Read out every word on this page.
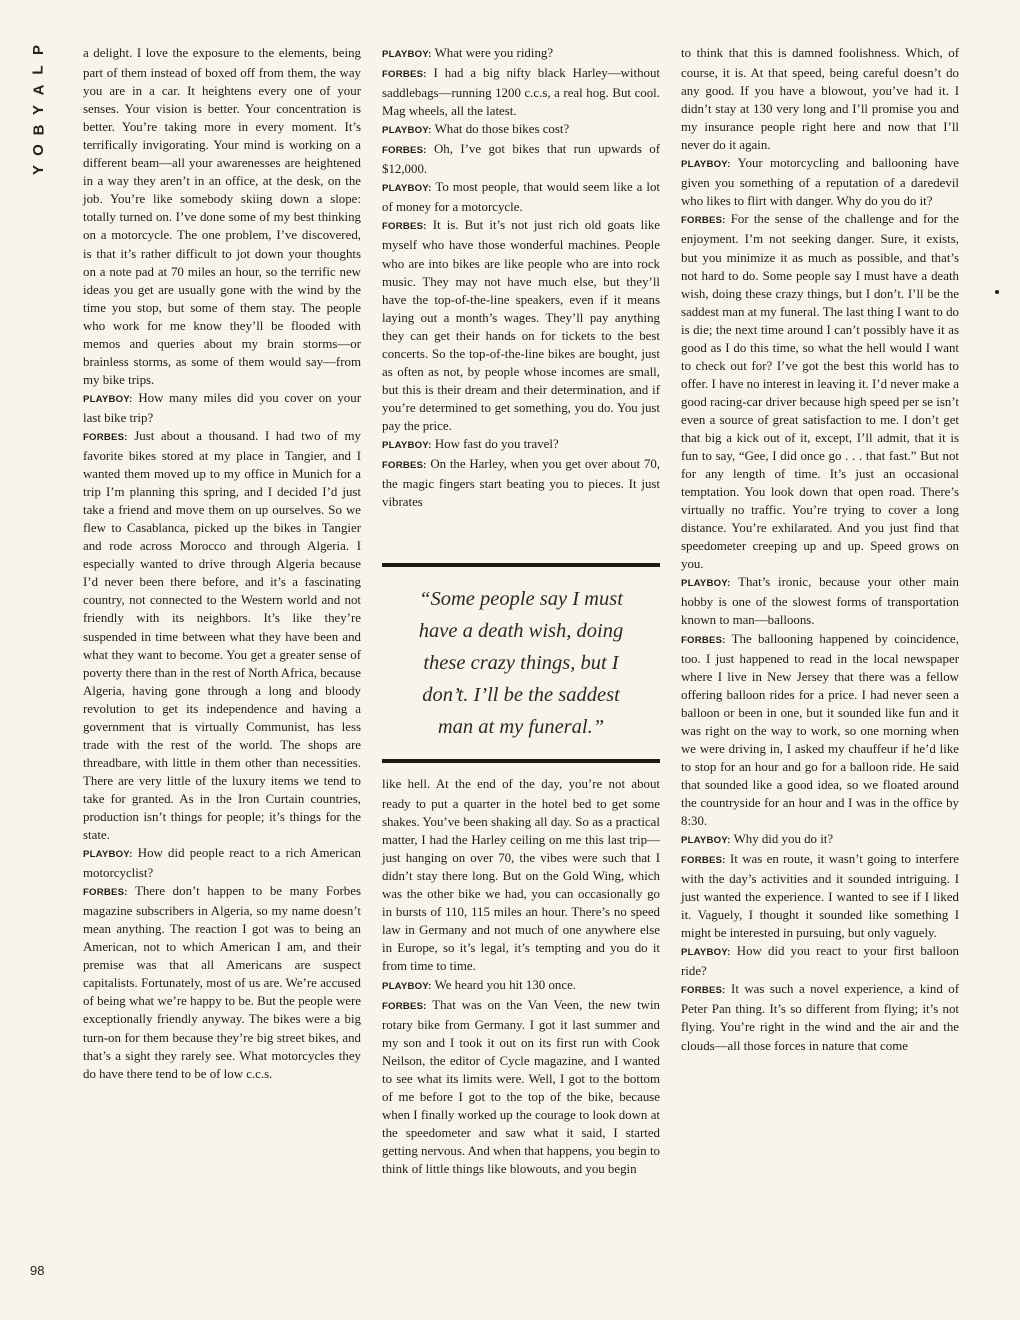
P
L
A
Y
B
O
Y
98

a delight. I love the exposure to the elements, being part of them instead of boxed off from them, the way you are in a car. It heightens every one of your senses. Your vision is better. Your concentration is better. You’re taking more in every moment. It’s terrifically invigorating. Your mind is working on a different beam—all your awarenesses are heightened in a way they aren’t in an office, at the desk, on the job. You’re like somebody skiing down a slope: totally turned on. I’ve done some of my best thinking on a motorcycle. The one problem, I’ve discovered, is that it’s rather difficult to jot down your thoughts on a note pad at 70 miles an hour, so the terrific new ideas you get are usually gone with the wind by the time you stop, but some of them stay. The people who work for me know they’ll be flooded with memos and queries about my brain storms—or brainless storms, as some of them would say—from my bike trips.

PLAYBOY: How many miles did you cover on your last bike trip?

FORBES: Just about a thousand. I had two of my favorite bikes stored at my place in Tangier, and I wanted them moved up to my office in Munich for a trip I’m planning this spring, and I decided I’d just take a friend and move them on up ourselves. So we flew to Casablanca, picked up the bikes in Tangier and rode across Morocco and through Algeria. I especially wanted to drive through Algeria because I’d never been there before, and it’s a fascinating country, not connected to the Western world and not friendly with its neighbors. It’s like they’re suspended in time between what they have been and what they want to become. You get a greater sense of poverty there than in the rest of North Africa, because Algeria, having gone through a long and bloody revolution to get its independence and having a government that is virtually Communist, has less trade with the rest of the world. The shops are threadbare, with little in them other than necessities. There are very little of the luxury items we tend to take for granted. As in the Iron Curtain countries, production isn’t things for people; it’s things for the state.

PLAYBOY: How did people react to a rich American motorcyclist?

FORBES: There don’t happen to be many Forbes magazine subscribers in Algeria, so my name doesn’t mean anything. The reaction I got was to being an American, not to which American I am, and their premise was that all Americans are suspect capitalists. Fortunately, most of us are. We’re accused of being what we’re happy to be. But the people were exceptionally friendly anyway. The bikes were a big turn-on for them because they’re big street bikes, and that’s a sight they rarely see. What motorcycles they do have there tend to be of low c.c.s.

PLAYBOY: What were you riding?

FORBES: I had a big nifty black Harley—without saddlebags—running 1200 c.c.s, a real hog. But cool. Mag wheels, all the latest.

PLAYBOY: What do those bikes cost?

FORBES: Oh, I’ve got bikes that run upwards of $12,000.

PLAYBOY: To most people, that would seem like a lot of money for a motorcycle.

FORBES: It is. But it’s not just rich old goats like myself who have those wonderful machines. People who are into bikes are like people who are into rock music. They may not have much else, but they’ll have the top-of-the-line speakers, even if it means laying out a month’s wages. They’ll pay anything they can get their hands on for tickets to the best concerts. So the top-of-the-line bikes are bought, just as often as not, by people whose incomes are small, but this is their dream and their determination, and if you’re determined to get something, you do. You just pay the price.

PLAYBOY: How fast do you travel?

FORBES: On the Harley, when you get over about 70, the magic fingers start beating you to pieces. It just vibrates

“Some people say I must have a death wish, doing these crazy things, but I don’t. I’ll be the saddest man at my funeral.”

like hell. At the end of the day, you’re not about ready to put a quarter in the hotel bed to get some shakes. You’ve been shaking all day. So as a practical matter, I had the Harley ceiling on me this last trip—just hanging on over 70, the vibes were such that I didn’t stay there long. But on the Gold Wing, which was the other bike we had, you can occasionally go in bursts of 110, 115 miles an hour. There’s no speed law in Germany and not much of one anywhere else in Europe, so it’s legal, it’s tempting and you do it from time to time.

PLAYBOY: We heard you hit 130 once.

FORBES: That was on the Van Veen, the new twin rotary bike from Germany. I got it last summer and my son and I took it out on its first run with Cook Neilson, the editor of Cycle magazine, and I wanted to see what its limits were. Well, I got to the bottom of me before I got to the top of the bike, because when I finally worked up the courage to look down at the speedometer and saw what it said, I started getting nervous. And when that happens, you begin to think of little things like blowouts, and you begin

to think that this is damned foolishness. Which, of course, it is. At that speed, being careful doesn’t do any good. If you have a blowout, you’ve had it. I didn’t stay at 130 very long and I’ll promise you and my insurance people right here and now that I’ll never do it again.

PLAYBOY: Your motorcycling and ballooning have given you something of a reputation of a daredevil who likes to flirt with danger. Why do you do it?

FORBES: For the sense of the challenge and for the enjoyment. I’m not seeking danger. Sure, it exists, but you minimize it as much as possible, and that’s not hard to do. Some people say I must have a death wish, doing these crazy things, but I don’t. I’ll be the saddest man at my funeral. The last thing I want to do is die; the next time around I can’t possibly have it as good as I do this time, so what the hell would I want to check out for? I’ve got the best this world has to offer. I have no interest in leaving it. I’d never make a good racing-car driver because high speed per se isn’t even a source of great satisfaction to me. I don’t get that big a kick out of it, except, I’ll admit, that it is fun to say, “Gee, I did once go . . . that fast.” But not for any length of time. It’s just an occasional temptation. You look down that open road. There’s virtually no traffic. You’re trying to cover a long distance. You’re exhilarated. And you just find that speedometer creeping up and up. Speed grows on you.

PLAYBOY: That’s ironic, because your other main hobby is one of the slowest forms of transportation known to man—balloons.

FORBES: The ballooning happened by coincidence, too. I just happened to read in the local newspaper where I live in New Jersey that there was a fellow offering balloon rides for a price. I had never seen a balloon or been in one, but it sounded like fun and it was right on the way to work, so one morning when we were driving in, I asked my chauffeur if he’d like to stop for an hour and go for a balloon ride. He said that sounded like a good idea, so we floated around the countryside for an hour and I was in the office by 8:30.

PLAYBOY: Why did you do it?

FORBES: It was en route, it wasn’t going to interfere with the day’s activities and it sounded intriguing. I just wanted the experience. I wanted to see if I liked it. Vaguely, I thought it sounded like something I might be interested in pursuing, but only vaguely.

PLAYBOY: How did you react to your first balloon ride?

FORBES: It was such a novel experience, a kind of Peter Pan thing. It’s so different from flying; it’s not flying. You’re right in the wind and the air and the clouds—all those forces in nature that come
